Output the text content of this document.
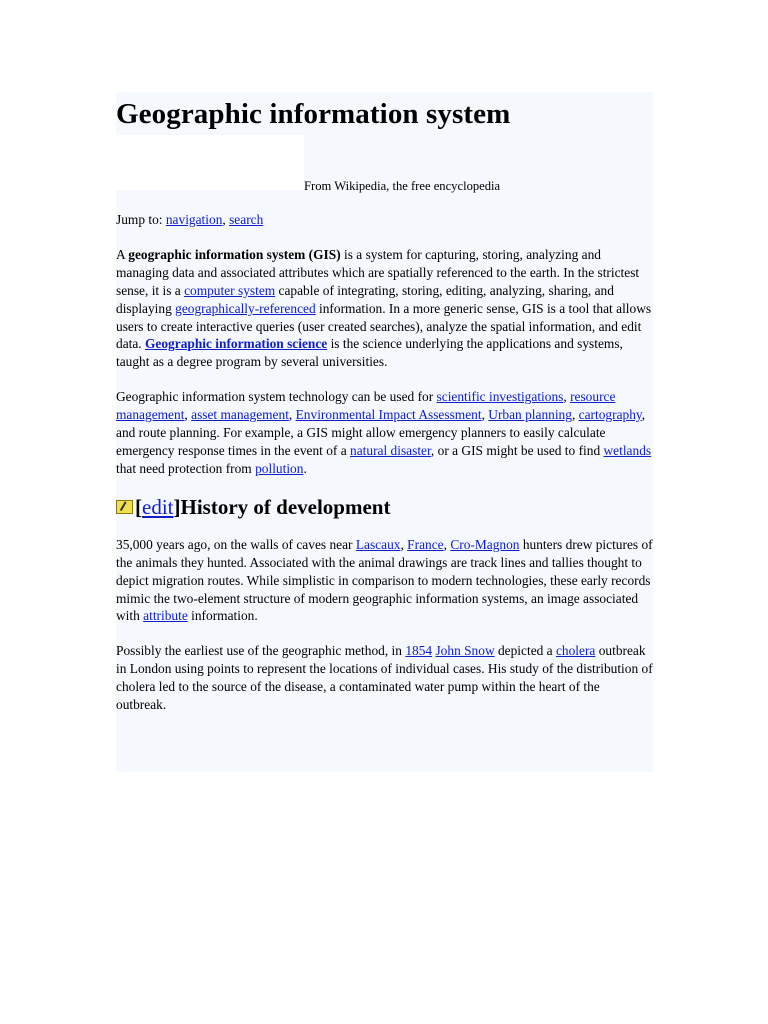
Geographic information system
From Wikipedia, the free encyclopedia
Jump to: navigation, search

A geographic information system (GIS) is a system for capturing, storing, analyzing and managing data and associated attributes which are spatially referenced to the earth. In the strictest sense, it is a computer system capable of integrating, storing, editing, analyzing, sharing, and displaying geographically-referenced information. In a more generic sense, GIS is a tool that allows users to create interactive queries (user created searches), analyze the spatial information, and edit data. Geographic information science is the science underlying the applications and systems, taught as a degree program by several universities.

Geographic information system technology can be used for scientific investigations, resource management, asset management, Environmental Impact Assessment, Urban planning, cartography, and route planning. For example, a GIS might allow emergency planners to easily calculate emergency response times in the event of a natural disaster, or a GIS might be used to find wetlands that need protection from pollution.

[ edit ] History of development

35,000 years ago, on the walls of caves near Lascaux, France, Cro-Magnon hunters drew pictures of the animals they hunted. Associated with the animal drawings are track lines and tallies thought to depict migration routes. While simplistic in comparison to modern technologies, these early records mimic the two-element structure of modern geographic information systems, an image associated with attribute information.

Possibly the earliest use of the geographic method, in 1854 John Snow depicted a cholera outbreak in London using points to represent the locations of individual cases. His study of the distribution of cholera led to the source of the disease, a contaminated water pump within the heart of the outbreak.
